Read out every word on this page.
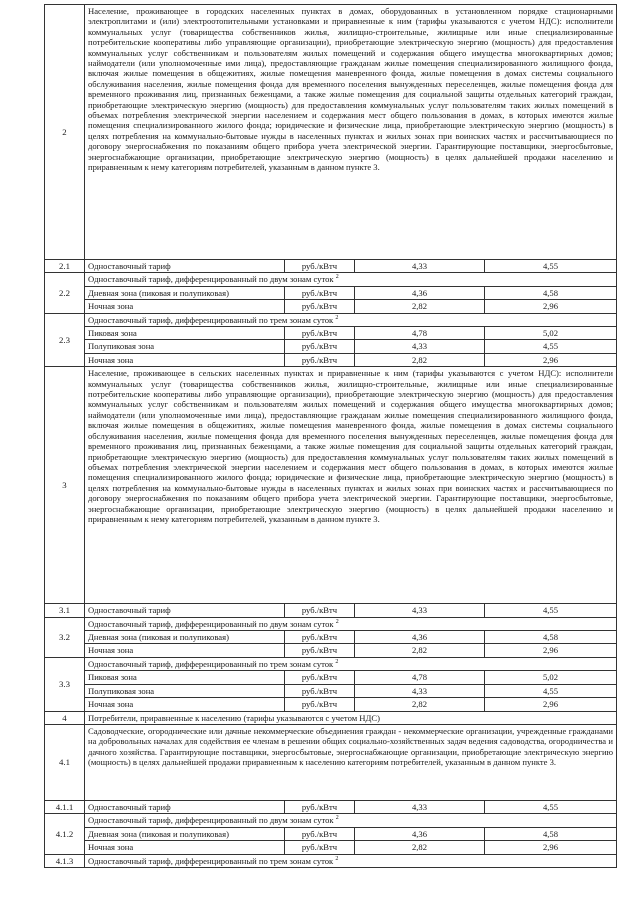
2	Население, проживающее в городских населенных пунктах в домах, оборудованных в установленном порядке стационарными электроплитами и (или) электроотопительными установками и приравненные к ним (тарифы указываются с учетом НДС): исполнители коммунальных услуг (товарищества собственников жилья, жилищно-строительные, жилищные или иные специализированные потребительские кооперативы либо управляющие организации), приобретающие электрическую энергию (мощность) для предоставления коммунальных услуг собственникам и пользователям жилых помещений и содержания общего имущества многоквартирных домов; наймодатели (или уполномоченные ими лица), предоставляющие гражданам жилые помещения специализированного жилищного фонда, включая жилые помещения в общежитиях, жилые помещения маневренного фонда, жилые помещения в домах системы социального обслуживания населения, жилые помещения фонда для временного поселения вынужденных переселенцев, жилые помещения фонда для временного проживания лиц, признанных беженцами, а также жилые помещения для социальной защиты отдельных категорий граждан, приобретающие электрическую энергию (мощность) для предоставления коммунальных услуг пользователям таких жилых помещений в объемах потребления электрической энергии населением и содержания мест общего пользования в домах, в которых имеются жилые помещения специализированного жилого фонда; юридические и физические лица, приобретающие электрическую энергию (мощность) в целях потребления на коммунально-бытовые нужды в населенных пунктах и жилых зонах при воинских частях и рассчитывающиеся по договору энергоснабжения по показаниям общего прибора учета электрической энергии. Гарантирующие поставщики, энергосбытовые, энергоснабжающие организации, приобретающие электрическую энергию (мощность) в целях дальнейшей продажи населению и приравненным к нему категориям потребителей, указанным в данном пункте 3.			
2.1	Одноставочный тариф	руб./кВтч	4,33	4,55
2.2	Одноставочный тариф, дифференцированный по двум зонам суток $^2$
	Дневная зона (пиковая и полупиковая)	руб./кВтч	4,36	4,58
	Ночная зона	руб./кВтч	2,82	2,96
2.3	Одноставочный тариф, дифференцированный по трем зонам суток $^2$
	Пиковая зона	руб./кВтч	4,78	5,02
	Полупиковая зона	руб./кВтч	4,33	4,55
	Ночная зона	руб./кВтч	2,82	2,96
3	Население, проживающее в сельских населенных пунктах и приравненные к ним (тарифы указываются с учетом НДС): исполнители коммунальных услуг (товарищества собственников жилья, жилищно-строительные, жилищные или иные специализированные потребительские кооперативы либо управляющие организации), приобретающие электрическую энергию (мощность) для предоставления коммунальных услуг собственникам и пользователям жилых помещений и содержания общего имущества многоквартирных домов; наймодатели (или уполномоченные ими лица), предоставляющие гражданам жилые помещения специализированного жилищного фонда, включая жилые помещения в общежитиях, жилые помещения маневренного фонда, жилые помещения в домах системы социального обслуживания населения, жилые помещения фонда для временного поселения вынужденных переселенцев, жилые помещения фонда для временного проживания лиц, признанных беженцами, а также жилые помещения для социальной защиты отдельных категорий граждан, приобретающие электрическую энергию (мощность) для предоставления коммунальных услуг пользователям таких жилых помещений в объемах потребления электрической энергии населением и содержания мест общего пользования в домах, в которых имеются жилые помещения специализированного жилого фонда; юридические и физические лица, приобретающие электрическую энергию (мощность) в целях потребления на коммунально-бытовые нужды в населенных пунктах и жилых зонах при воинских частях и рассчитывающиеся по договору энергоснабжения по показаниям общего прибора учета электрической энергии. Гарантирующие поставщики, энергосбытовые, энергоснабжающие организации, приобретающие электрическую энергию (мощность) в целях дальнейшей продажи населению и приравненным к нему категориям потребителей, указанным в данном пункте 3.			
3.1	Одноставочный тариф	руб./кВтч	4,33	4,55
3.2	Одноставочный тариф, дифференцированный по двум зонам суток $^2$
	Дневная зона (пиковая и полупиковая)	руб./кВтч	4,36	4,58
	Ночная зона	руб./кВтч	2,82	2,96
3.3	Одноставочный тариф, дифференцированный по трем зонам суток $^2$
	Пиковая зона	руб./кВтч	4,78	5,02
	Полупиковая зона	руб./кВтч	4,33	4,55
	Ночная зона	руб./кВтч	2,82	2,96
4	Потребители, приравненные к населению (тарифы указываются с учетом НДС)			
4.1	Садоводческие, огороднические или дачные некоммерческие объединения граждан - некоммерческие организации, учрежденные гражданами на добровольных началах для содействия ее членам в решении общих социально-хозяйственных задач ведения садоводства, огородничества и дачного хозяйства. Гарантирующие поставщики, энергосбытовые, энергоснабжающие организации, приобретающие электрическую энергию (мощность) в целях дальнейшей продажи приравненным к населению категориям потребителей, указанным в данном пункте 3.			
4.1.1	Одноставочный тариф	руб./кВтч	4,33	4,55
4.1.2	Одноставочный тариф, дифференцированный по двум зонам суток $^2$
	Дневная зона (пиковая и полупиковая)	руб./кВтч	4,36	4,58
	Ночная зона	руб./кВтч	2,82	2,96
4.1.3	Одноставочный тариф, дифференцированный по трем зонам суток $^2$
